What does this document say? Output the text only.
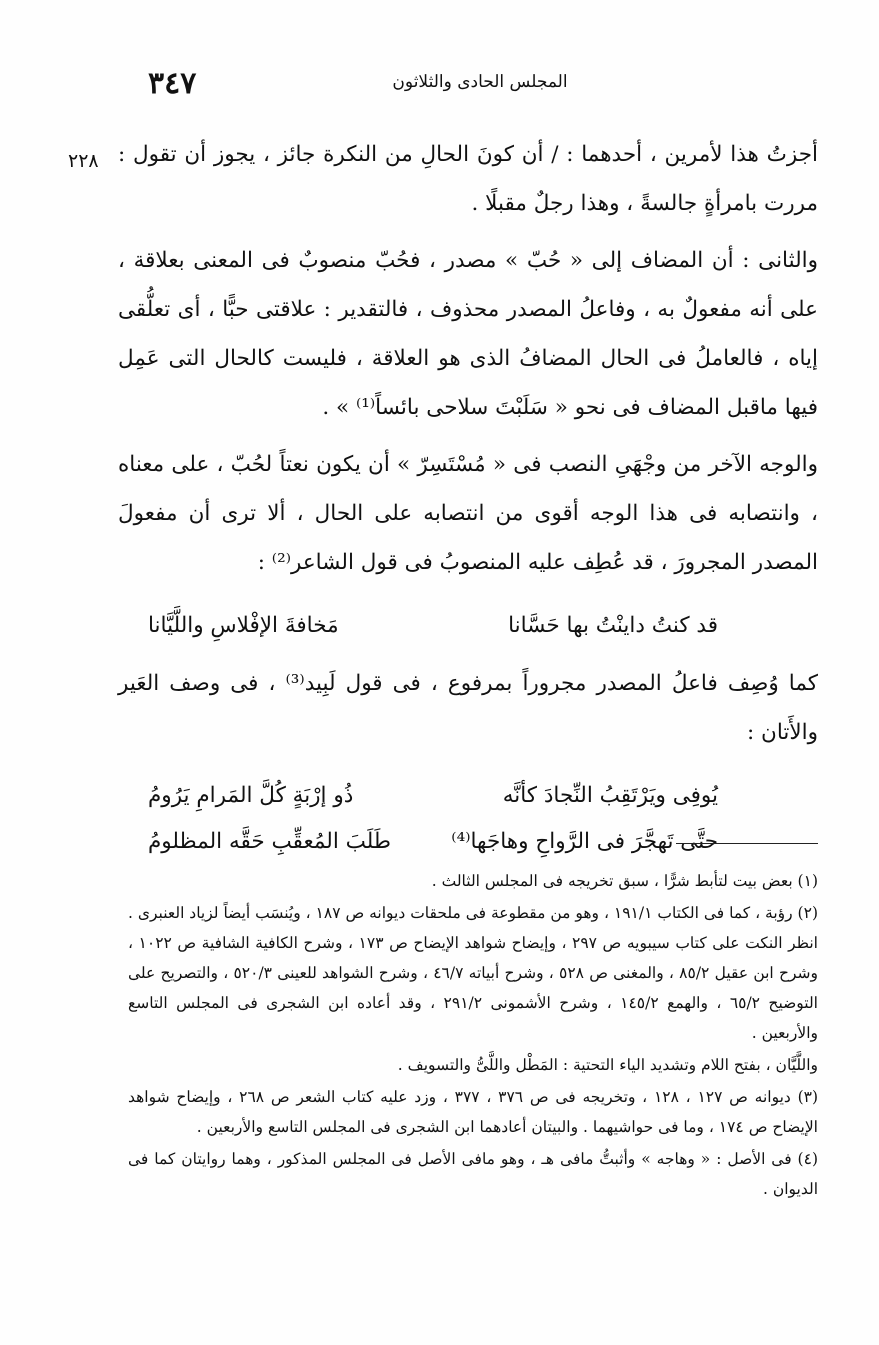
٣٤٧	المجلس الحادى والثلاثون
٢٢٨ أجزتُ هذا لأمرين ، أحدهما : / أن كونَ الحالِ من النكرة جائز ، يجوز أن تقول : مررت بامرأةٍ جالسةً ، وهذا رجلٌ مقبلًا .

والثانى : أن المضاف إلى « حُبّ » مصدر ، فحُبّ منصوبٌ فى المعنى بعلاقة ، على أنه مفعولٌ به ، وفاعلُ المصدر محذوف ، فالتقدير : علاقتى حبًّا ، أى تعلُّقى إياه ، فالعاملُ فى الحال المضافُ الذى هو العلاقة ، فليست كالحال التى عَمِل فيها ماقبل المضاف فى نحو « سَلَبْتَ سلاحى بائساً⁽¹⁾ » .

والوجه الآخر من وجْهَىِ النصب فى « مُسْتَسِرّ » أن يكون نعتاً لحُبّ ، على معناه ، وانتصابه فى هذا الوجه أقوى من انتصابه على الحال ، ألا ترى أن مفعولَ المصدر المجرورَ ، قد عُطِف عليه المنصوبُ فى قول الشاعر⁽²⁾ :

قد كنتُ داينْتُ بها حَسَّانا
مَخافةَ الإفْلاسِ واللَّيَّانا

كما وُصِف فاعلُ المصدر مجروراً بمرفوع ، فى قول لَبِيد⁽³⁾ ، فى وصف العَير والأَتان :

يُوفِى ويَرْتَقِبُ النِّجادَ كأنَّه
ذُو إرْبَةٍ كُلَّ المَرامِ يَرُومُ
حتَّى تَهجَّرَ فى الرَّواحِ وهاجَها⁽⁴⁾
طَلَبَ المُعقِّبِ حَقَّه المظلومُ

(١) بعض بيت لتأبط شرًّا ، سبق تخريجه فى المجلس الثالث .

(٢) رؤبة ، كما فى الكتاب ١٩١/١ ، وهو من مقطوعة فى ملحقات ديوانه ص ١٨٧ ، ويُنسَب أيضاً لزياد العنبرى . انظر النكت على كتاب سيبويه ص ٢٩٧ ، وإيضاح شواهد الإيضاح ص ١٧٣ ، وشرح الكافية الشافية ص ١٠٢٢ ، وشرح ابن عقيل ٨٥/٢ ، والمغنى ص ٥٢٨ ، وشرح أبياته ٤٦/٧ ، وشرح الشواهد للعينى ٥٢٠/٣ ، والتصريح على التوضيح ٦٥/٢ ، والهمع ١٤٥/٢ ، وشرح الأشمونى ٢٩١/٢ ، وقد أعاده ابن الشجرى فى المجلس التاسع والأربعين .

واللَّيَّان ، بفتح اللام وتشديد الياء التحتية : المَطْل واللَّىُّ والتسويف .

(٣) ديوانه ص ١٢٧ ، ١٢٨ ، وتخريجه فى ص ٣٧٦ ، ٣٧٧ ، وزد عليه كتاب الشعر ص ٢٦٨ ، وإيضاح شواهد الإيضاح ص ١٧٤ ، وما فى حواشيهما . والبيتان أعادهما ابن الشجرى فى المجلس التاسع والأربعين .

(٤) فى الأصل : « وهاجه » وأثبتُّ مافى هـ ، وهو مافى الأصل فى المجلس المذكور ، وهما روايتان كما فى الديوان .
